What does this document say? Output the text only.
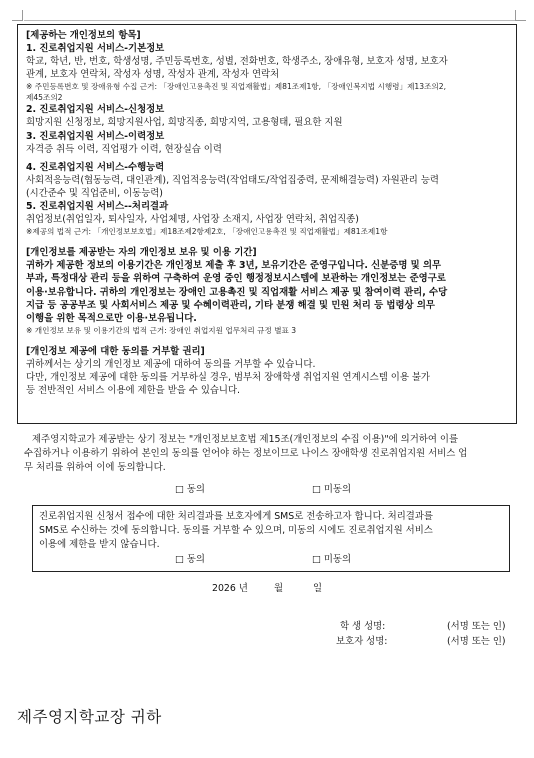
[제공하는 개인정보의 항목]
1. 진로취업지원 서비스-기본정보
학교, 학년, 반, 번호, 학생성명, 주민등록번호, 성별, 전화번호, 학생주소, 장애유형, 보호자 성명, 보호자
관계, 보호자 연락처, 작성자 성명, 작성자 관계, 작성자 연락처
※ 주민등록번호 및 장애유형 수집 근거: 「장애인고용촉진 및 직업재활법」제81조제1항, 「장애인복지법 시행령」제13조의2,
제45조의2
2. 진로취업지원 서비스-신청정보
희망지원 신청정보, 희망지원사업, 희망직종, 희망지역, 고용형태, 필요한 지원
3. 진로취업지원 서비스-이력정보
자격증 취득 이력, 직업평가 이력, 현장실습 이력
4. 진로취업지원 서비스-수행능력
사회적응능력(협동능력, 대인관계), 직업적응능력(작업태도/작업집중력, 문제해결능력) 자원관리 능력
(시간준수 및 직업준비, 이동능력)
5. 진로취업지원 서비스--처리결과
취업정보(취업일자, 퇴사일자, 사업체명, 사업장 소재지, 사업장 연락처, 취업직종)
※제공의 법적 근거: 「개인정보보호법」제18조제2항제2호, 「장애인고용촉진 및 직업재활법」제81조제1항
[개인정보를 제공받는 자의 개인정보 보유 및 이용 기간]
귀하가 제공한 정보의 이용기간은 개인정보 제출 후 3년, 보유기간은 준영구입니다. 신분증명 및 의무
부과, 특정대상 관리 등을 위하여 구축하여 운영 중인 행정정보시스템에 보관하는 개인정보는 준영구로
이용·보유합니다. 귀하의 개인정보는 장애인 고용촉진 및 직업재활 서비스 제공 및 참여이력 관리, 수당
지급 등 공공부조 및 사회서비스 제공 및 수혜이력관리, 기타 분쟁 해결 및 민원 처리 등 법령상 의무
이행을 위한 목적으로만 이용·보유됩니다.
※ 개인정보 보유 및 이용기간의 법적 근거: 장애인 취업지원 업무처리 규정 별표 3
[개인정보 제공에 대한 동의를 거부할 권리]
귀하께서는 상기의 개인정보 제공에 대하여 동의를 거부할 수 있습니다.
다만, 개인정보 제공에 대한 동의를 거부하실 경우, 범부처 장애학생 취업지원 연계시스템 이용 불가
등 전반적인 서비스 이용에 제한을 받을 수 있습니다.
제주영지학교가 제공받는 상기 정보는 "개인정보보호법 제15조(개인정보의 수집 이용)"에 의거하여 이를
수집하거나 이용하기 위하여 본인의 동의를 얻어야 하는 정보이므로 나이스 장애학생 진로취업지원 서비스 업
무 처리를 위하여 이에 동의합니다.
□ 동의	□ 미동의
진로취업지원 신청서 접수에 대한 처리결과를 보호자에게 SMS로 전송하고자 합니다. 처리결과를
SMS로 수신하는 것에 동의합니다. 동의를 거부할 수 있으며, 미동의 시에도 진로취업지원 서비스
이용에 제한을 받지 않습니다.
□ 동의	□ 미동의
2026 년	월	일
학 생 성명:	(서명 또는 인)
보호자 성명:	(서명 또는 인)
제주영지학교장 귀하
